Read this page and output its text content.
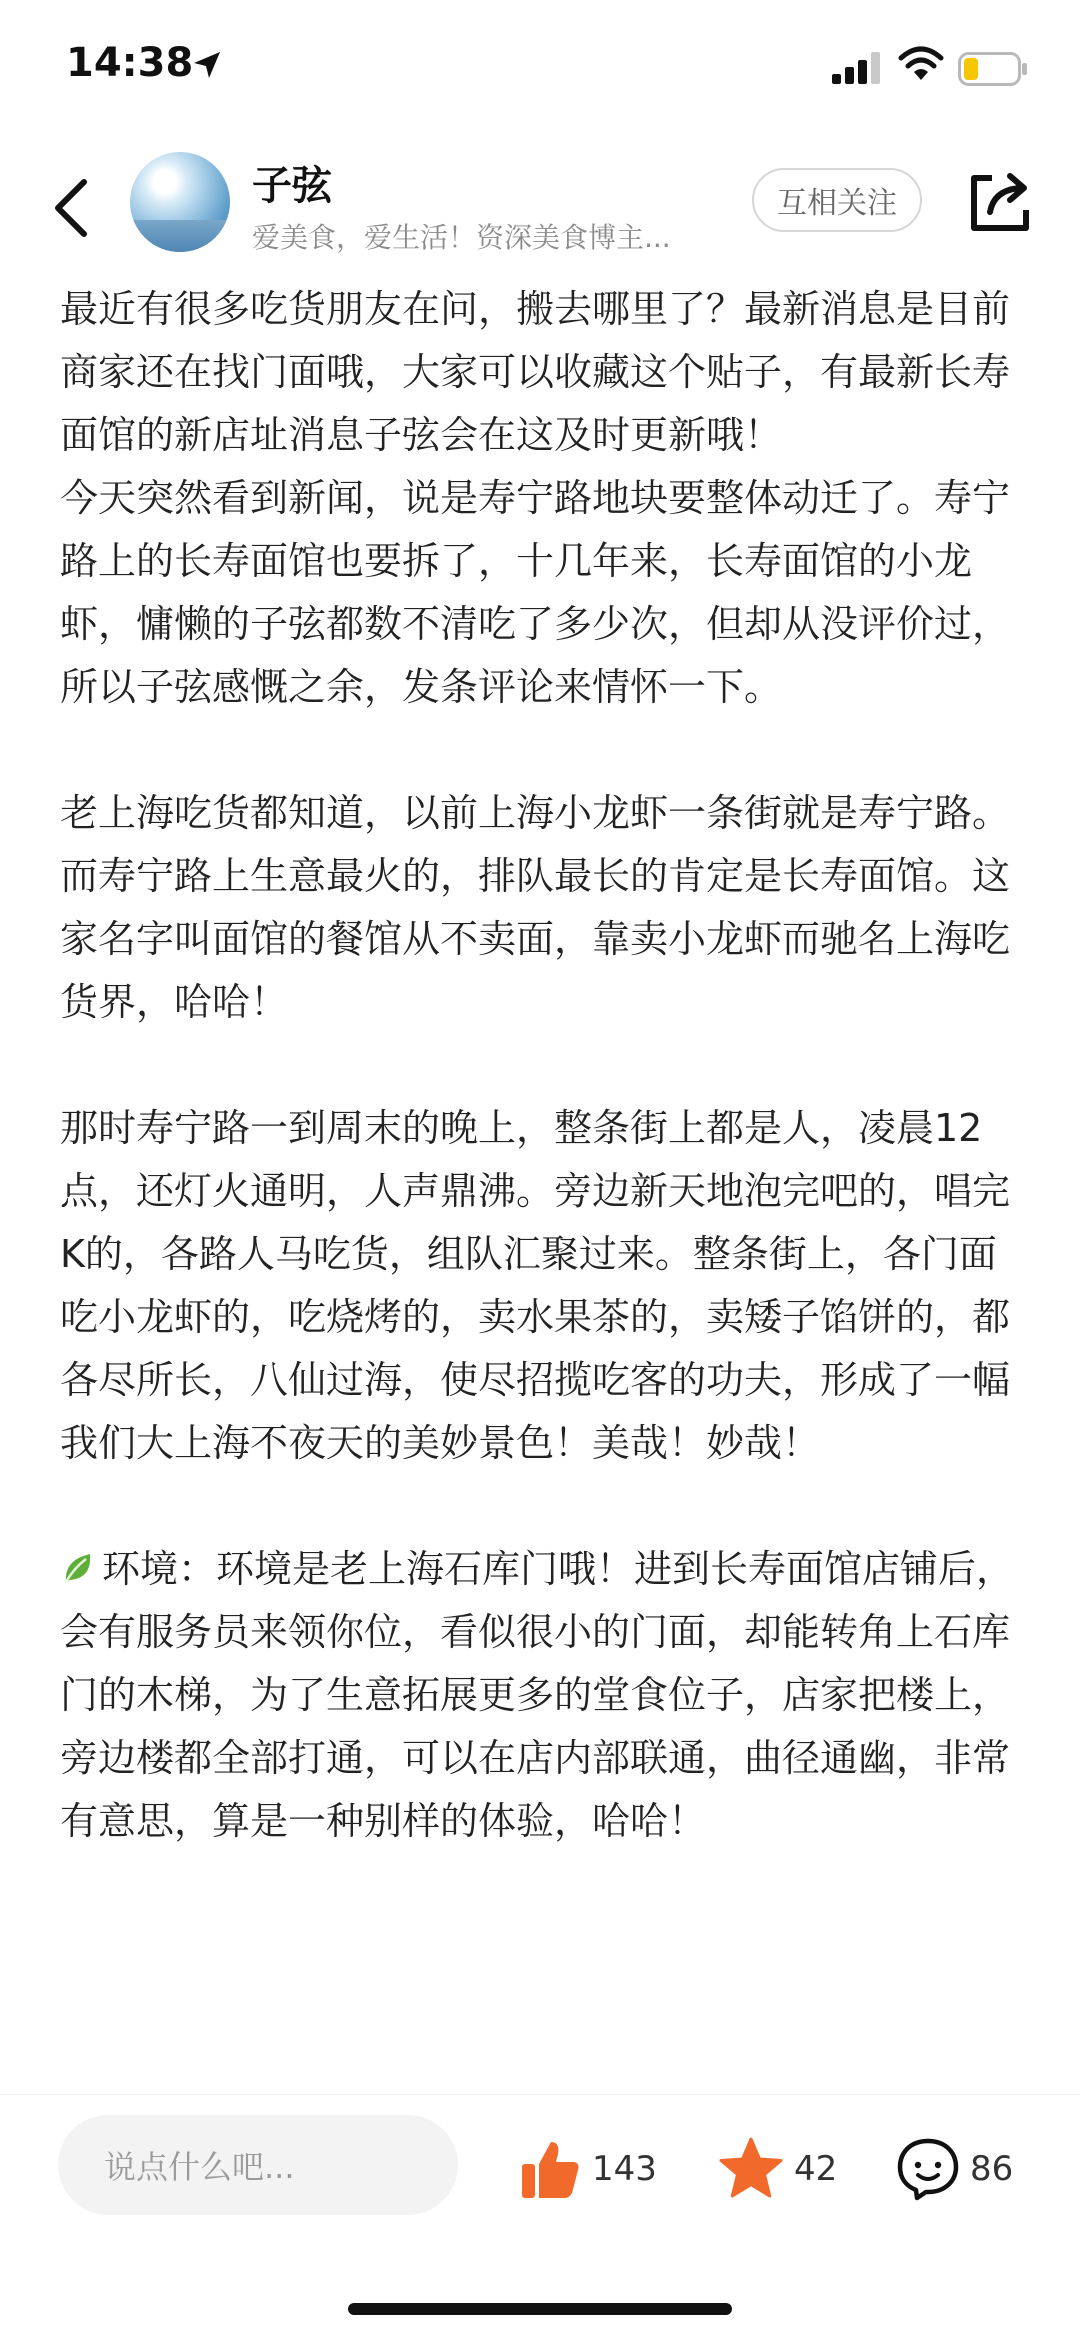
14:38
子弦
爱美食，爱生活！资深美食博主...
互相关注

最近有很多吃货朋友在问，搬去哪里了？最新消息是目前商家还在找门面哦，大家可以收藏这个贴子，有最新长寿面馆的新店址消息子弦会在这及时更新哦！

今天突然看到新闻，说是寿宁路地块要整体动迁了。寿宁路上的长寿面馆也要拆了，十几年来，长寿面馆的小龙虾，慵懒的子弦都数不清吃了多少次，但却从没评价过，所以子弦感慨之余，发条评论来情怀一下。

老上海吃货都知道，以前上海小龙虾一条街就是寿宁路。而寿宁路上生意最火的，排队最长的肯定是长寿面馆。这家名字叫面馆的餐馆从不卖面，靠卖小龙虾而驰名上海吃货界，哈哈！

那时寿宁路一到周末的晚上，整条街上都是人，凌晨12点，还灯火通明，人声鼎沸。旁边新天地泡完吧的，唱完K的，各路人马吃货，组队汇聚过来。整条街上，各门面吃小龙虾的，吃烧烤的，卖水果茶的，卖矮子馅饼的，都各尽所长，八仙过海，使尽招揽吃客的功夫，形成了一幅我们大上海不夜天的美妙景色！美哉！妙哉！

环境：环境是老上海石库门哦！进到长寿面馆店铺后，会有服务员来领你位，看似很小的门面，却能转角上石库门的木梯，为了生意拓展更多的堂食位子，店家把楼上，旁边楼都全部打通，可以在店内部联通，曲径通幽，非常有意思，算是一种别样的体验，哈哈！

说点什么吧...	143	42	86
